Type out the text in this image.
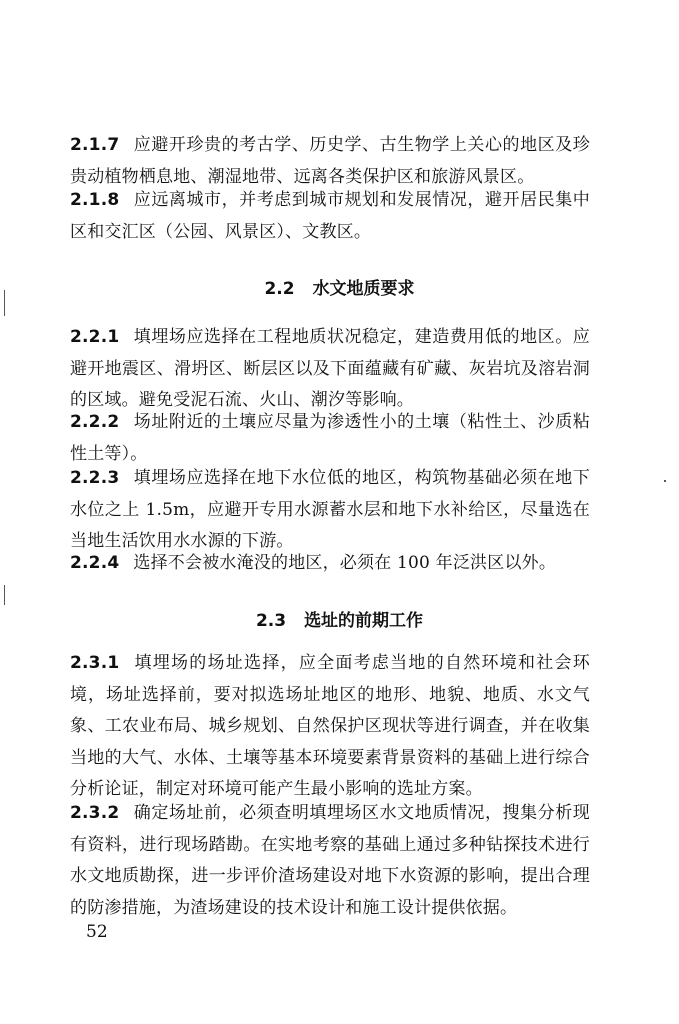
2.1.7 应避开珍贵的考古学、历史学、古生物学上关心的地区及珍贵动植物栖息地、潮湿地带、远离各类保护区和旅游风景区。

2.1.8 应远离城市，并考虑到城市规划和发展情况，避开居民集中区和交汇区（公园、风景区）、文教区。

2.2 水文地质要求

2.2.1 填埋场应选择在工程地质状况稳定，建造费用低的地区。应避开地震区、滑坍区、断层区以及下面蕴藏有矿藏、灰岩坑及溶岩洞的区域。避免受泥石流、火山、潮汐等影响。

2.2.2 场址附近的土壤应尽量为渗透性小的土壤（粘性土、沙质粘性土等）。

2.2.3 填埋场应选择在地下水位低的地区，构筑物基础必须在地下水位之上 1.5m，应避开专用水源蓄水层和地下水补给区，尽量选在当地生活饮用水水源的下游。

2.2.4 选择不会被水淹没的地区，必须在 100 年泛洪区以外。

2.3 选址的前期工作

2.3.1 填埋场的场址选择，应全面考虑当地的自然环境和社会环境，场址选择前，要对拟选场址地区的地形、地貌、地质、水文气象、工农业布局、城乡规划、自然保护区现状等进行调查，并在收集当地的大气、水体、土壤等基本环境要素背景资料的基础上进行综合分析论证，制定对环境可能产生最小影响的选址方案。

2.3.2 确定场址前，必须查明填埋场区水文地质情况，搜集分析现有资料，进行现场踏勘。在实地考察的基础上通过多种钻探技术进行水文地质勘探，进一步评价渣场建设对地下水资源的影响，提出合理的防渗措施，为渣场建设的技术设计和施工设计提供依据。

52
